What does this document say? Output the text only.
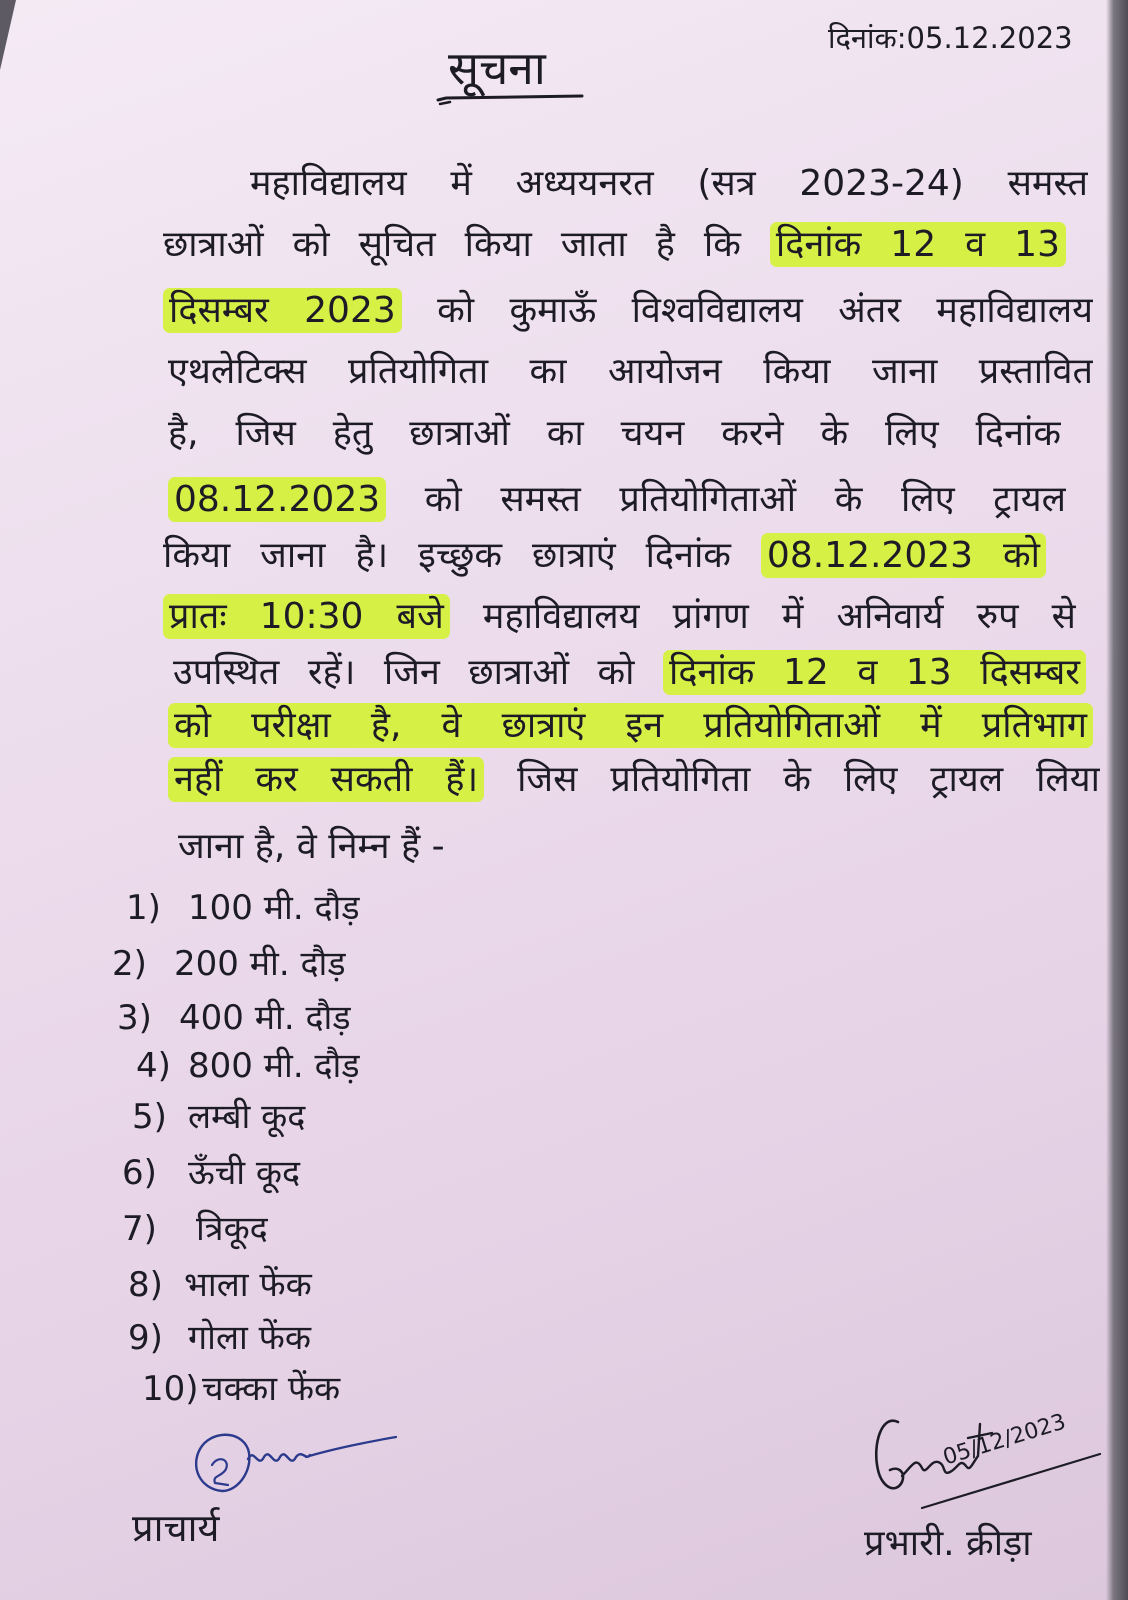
दिनांक:05.12.2023
सूचना
महाविद्यालय में अध्ययनरत (सत्र 2023-24) समस्त
छात्राओं को सूचित किया जाता है कि दिनांक 12 व 13
दिसम्बर 2023 को कुमाऊँ विश्वविद्यालय अंतर महाविद्यालय
एथलेटिक्स प्रतियोगिता का आयोजन किया जाना प्रस्तावित
है, जिस हेतु छात्राओं का चयन करने के लिए दिनांक
08.12.2023 को समस्त प्रतियोगिताओं के लिए ट्रायल
किया जाना है। इच्छुक छात्राएं दिनांक 08.12.2023 को
प्रातः 10:30 बजे महाविद्यालय प्रांगण में अनिवार्य रुप से
उपस्थित रहें। जिन छात्राओं को दिनांक 12 व 13 दिसम्बर
को परीक्षा है, वे छात्राएं इन प्रतियोगिताओं में प्रतिभाग
नहीं कर सकती हैं। जिस प्रतियोगिता के लिए ट्रायल लिया
जाना है, वे निम्न हैं -
1) 100 मी. दौड़
2) 200 मी. दौड़
3) 400 मी. दौड़
4) 800 मी. दौड़
5) लम्बी कूद
6) ऊँची कूद
7) त्रिकूद
8) भाला फेंक
9) गोला फेंक
10) चक्का फेंक
प्राचार्य
05/12/2023
प्रभारी. क्रीड़ा
